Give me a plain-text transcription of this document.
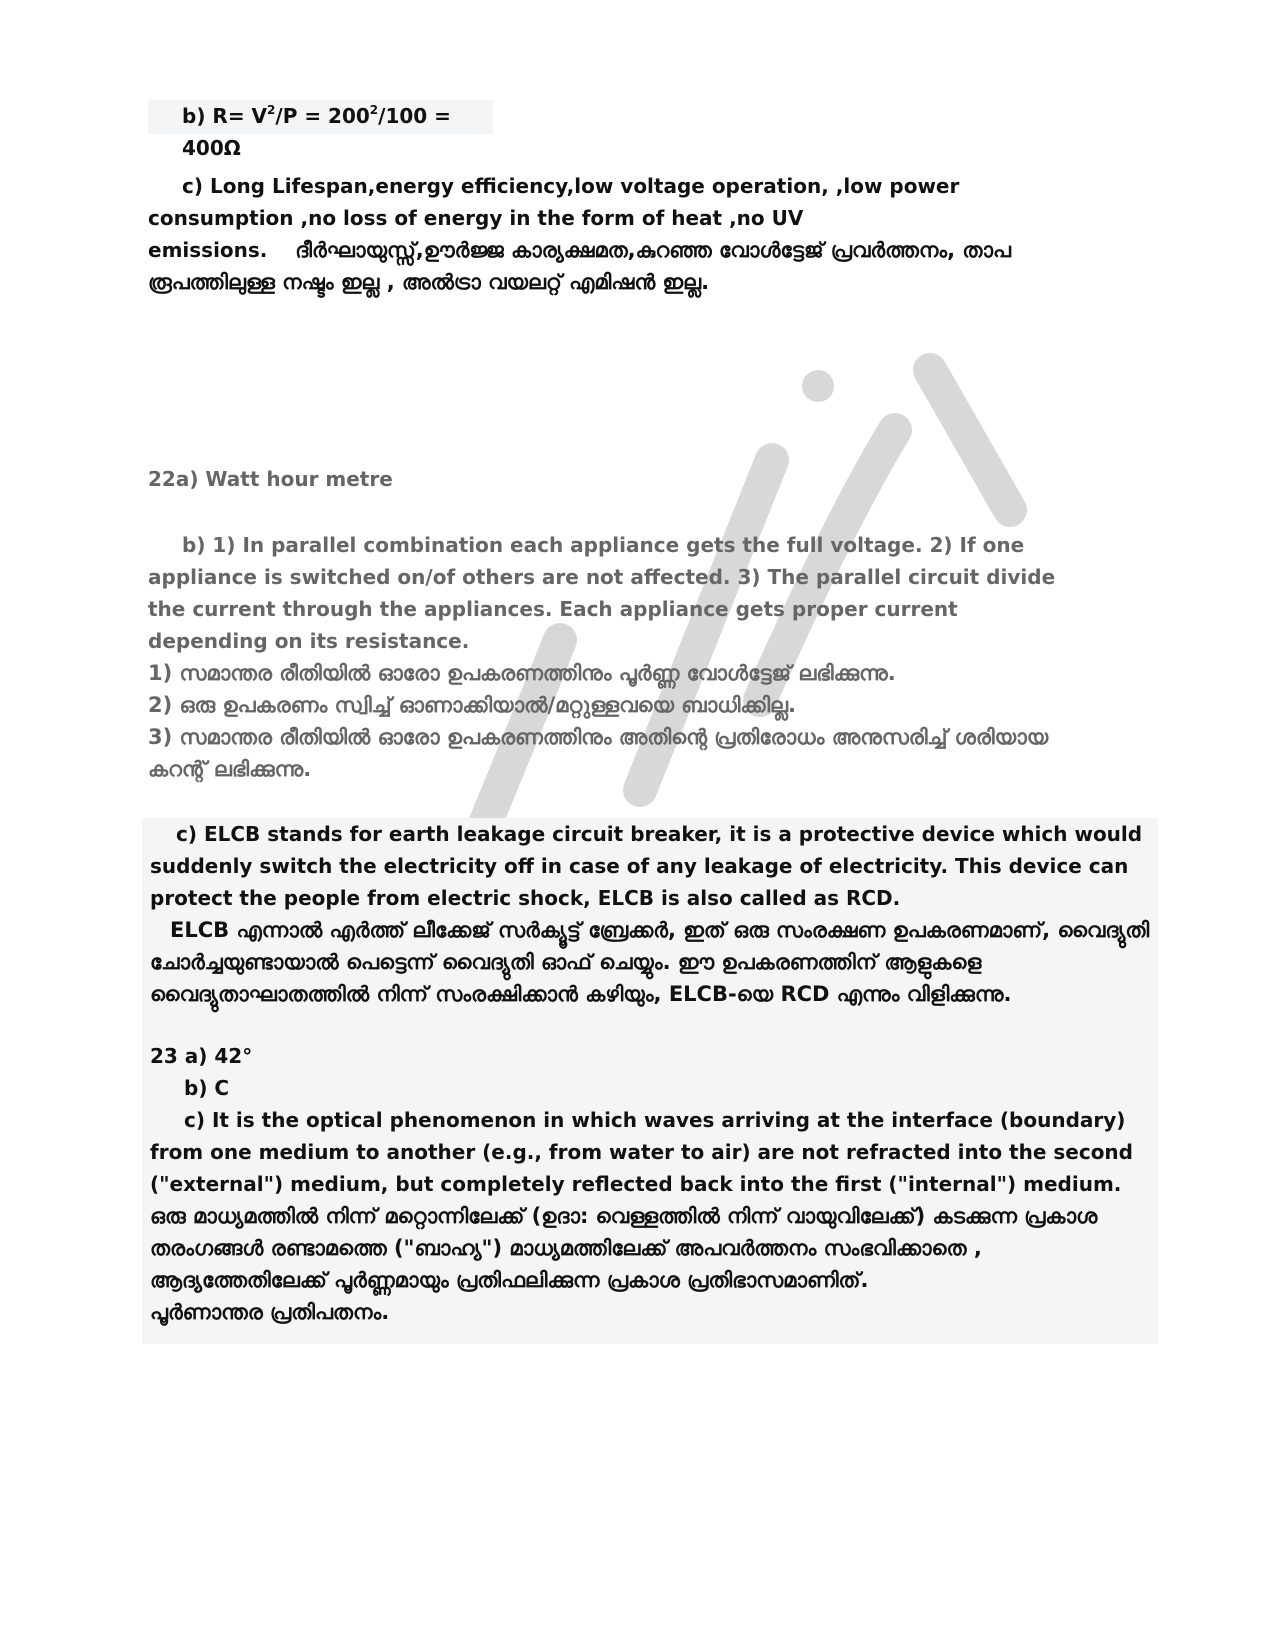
b) $R= V^2/P = 200^2/100 = 400\Omega$

c) Long Lifespan,energy efficiency,low voltage operation, ,low power consumption ,no loss of energy in the form of heat ,no UV emissions. ദീർഘായുസ്സ്,ഊർജ്ജ കാര്യക്ഷമത,കുറഞ്ഞ വോൾട്ടേജ് പ്രവർത്തനം, താപ രൂപത്തിലുള്ള നഷ്ടം ഇല്ല , അൽട്രാ വയലറ്റ് എമിഷൻ ഇല്ല.

22a) Watt hour metre

b) 1) In parallel combination each appliance gets the full voltage. 2) If one appliance is switched on/of others are not affected. 3) The parallel circuit divide the current through the appliances. Each appliance gets proper current depending on its resistance.

1) സമാന്തര രീതിയിൽ ഓരോ ഉപകരണത്തിനും പൂർണ്ണ വോൾട്ടേജ് ലഭിക്കുന്നു.

2) ഒരു ഉപകരണം സ്വിച്ച് ഓണാക്കിയാൽ/മറ്റുള്ളവയെ ബാധിക്കില്ല.

3) സമാന്തര രീതിയിൽ ഓരോ ഉപകരണത്തിനും അതിന്റെ പ്രതിരോധം അനുസരിച്ച് ശരിയായ കറന്റ് ലഭിക്കുന്നു.

c) ELCB stands for earth leakage circuit breaker, it is a protective device which would suddenly switch the electricity off in case of any leakage of electricity. This device can protect the people from electric shock, ELCB is also called as RCD.

ELCB എന്നാൽ എർത്ത് ലീക്കേജ് സർക്യൂട്ട് ബ്രേക്കർ, ഇത് ഒരു സംരക്ഷണ ഉപകരണമാണ്, വൈദ്യുതി ചോർച്ചയുണ്ടായാൽ പെട്ടെന്ന് വൈദ്യുതി ഓഫ് ചെയ്യും. ഈ ഉപകരണത്തിന് ആളുകളെ വൈദ്യുതാഘാതത്തിൽ നിന്ന് സംരക്ഷിക്കാൻ കഴിയും, ELCB-യെ RCD എന്നും വിളിക്കുന്നു.

23 a) 42°

b) C

c) It is the optical phenomenon in which waves arriving at the interface (boundary) from one medium to another (e.g., from water to air) are not refracted into the second ("external") medium, but completely reflected back into the first ("internal") medium. ഒരു മാധ്യമത്തിൽ നിന്ന് മറ്റൊന്നിലേക്ക് (ഉദാ: വെള്ളത്തിൽ നിന്ന് വായുവിലേക്ക്) കടക്കുന്ന പ്രകാശ തരംഗങ്ങൾ രണ്ടാമത്തെ ("ബാഹ്യ") മാധ്യമത്തിലേക്ക് അപവർത്തനം സംഭവിക്കാതെ , ആദ്യത്തേതിലേക്ക് പൂർണ്ണമായും പ്രതിഫലിക്കുന്ന പ്രകാശ പ്രതിഭാസമാണിത്.

പൂർണാന്തര പ്രതിപതനം.
